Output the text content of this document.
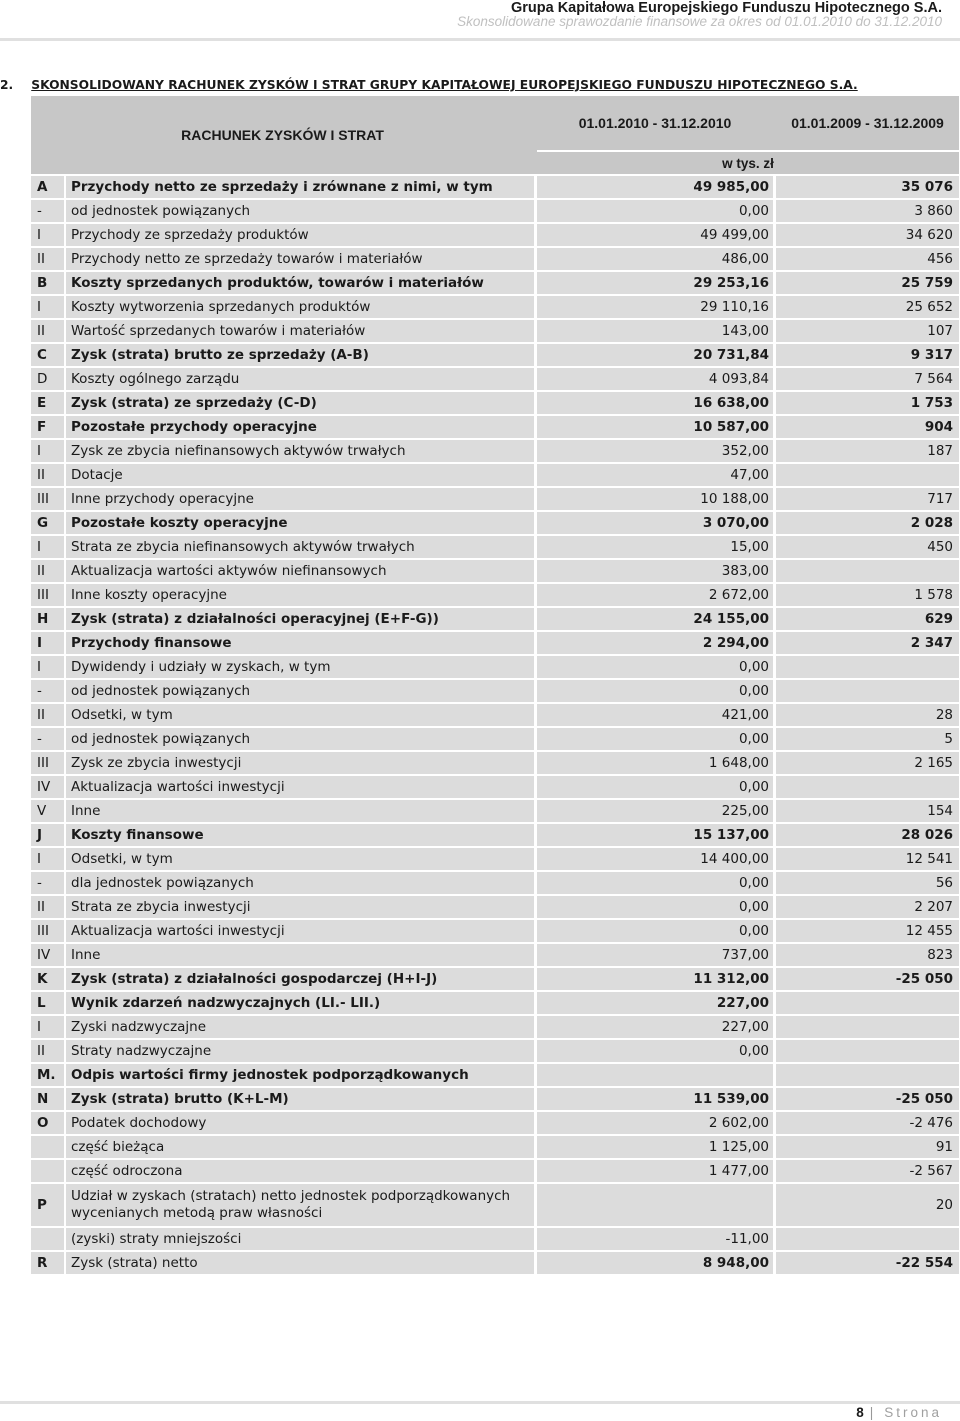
Grupa Kapitałowa Europejskiego Funduszu Hipotecznego S.A.
Skonsolidowane sprawozdanie finansowe za okres od 01.01.2010 do 31.12.2010
2. SKONSOLIDOWANY RACHUNEK ZYSKÓW I STRAT GRUPY KAPITAŁOWEJ EUROPEJSKIEGO FUNDUSZU HIPOTECZNEGO S.A.
RACHUNEK ZYSKÓW I STRAT			01.01.2010 - 31.12.2010		01.01.2009 - 31.12.2009
			w tys. zł		
A	Przychody netto ze sprzedaży i zrównane z nimi, w tym		49 985,00		35 076
-	od jednostek powiązanych		0,00		3 860
I	Przychody ze sprzedaży produktów		49 499,00		34 620
II	Przychody netto ze sprzedaży towarów i materiałów		486,00		456
B	Koszty sprzedanych produktów, towarów i materiałów		29 253,16		25 759
I	Koszty wytworzenia sprzedanych produktów		29 110,16		25 652
II	Wartość sprzedanych towarów i materiałów		143,00		107
C	Zysk (strata) brutto ze sprzedaży (A-B)		20 731,84		9 317
D	Koszty ogólnego zarządu		4 093,84		7 564
E	Zysk (strata) ze sprzedaży (C-D)		16 638,00		1 753
F	Pozostałe przychody operacyjne		10 587,00		904
I	Zysk ze zbycia niefinansowych aktywów trwałych		352,00		187
II	Dotacje		47,00		
III	Inne przychody operacyjne		10 188,00		717
G	Pozostałe koszty operacyjne		3 070,00		2 028
I	Strata ze zbycia niefinansowych aktywów trwałych		15,00		450
II	Aktualizacja wartości aktywów niefinansowych		383,00		
III	Inne koszty operacyjne		2 672,00		1 578
H	Zysk (strata) z działalności operacyjnej (E+F-G))		24 155,00		629
I	Przychody finansowe		2 294,00		2 347
I	Dywidendy i udziały w zyskach, w tym		0,00		
-	od jednostek powiązanych		0,00		
II	Odsetki, w tym		421,00		28
-	od jednostek powiązanych		0,00		5
III	Zysk ze zbycia inwestycji		1 648,00		2 165
IV	Aktualizacja wartości inwestycji		0,00		
V	Inne		225,00		154
J	Koszty finansowe		15 137,00		28 026
I	Odsetki, w tym		14 400,00		12 541
-	dla jednostek powiązanych		0,00		56
II	Strata ze zbycia inwestycji		0,00		2 207
III	Aktualizacja wartości inwestycji		0,00		12 455
IV	Inne		737,00		823
K	Zysk (strata) z działalności gospodarczej (H+I-J)		11 312,00		-25 050
L	Wynik zdarzeń nadzwyczajnych (LI.- LII.)		227,00		
I	Zyski nadzwyczajne		227,00		
II	Straty nadzwyczajne		0,00		
M.	Odpis wartości firmy jednostek podporządkowanych				
N	Zysk (strata) brutto (K+L-M)		11 539,00		-25 050
O	Podatek dochodowy		2 602,00		-2 476
	część bieżąca		1 125,00		91
	część odroczona		1 477,00		-2 567
P	Udział w zyskach (stratach) netto jednostek podporządkowanych wycenianych metodą praw własności				20
	(zyski) straty mniejszości		-11,00		
R	Zysk (strata) netto		8 948,00		-22 554
8 | Strona
